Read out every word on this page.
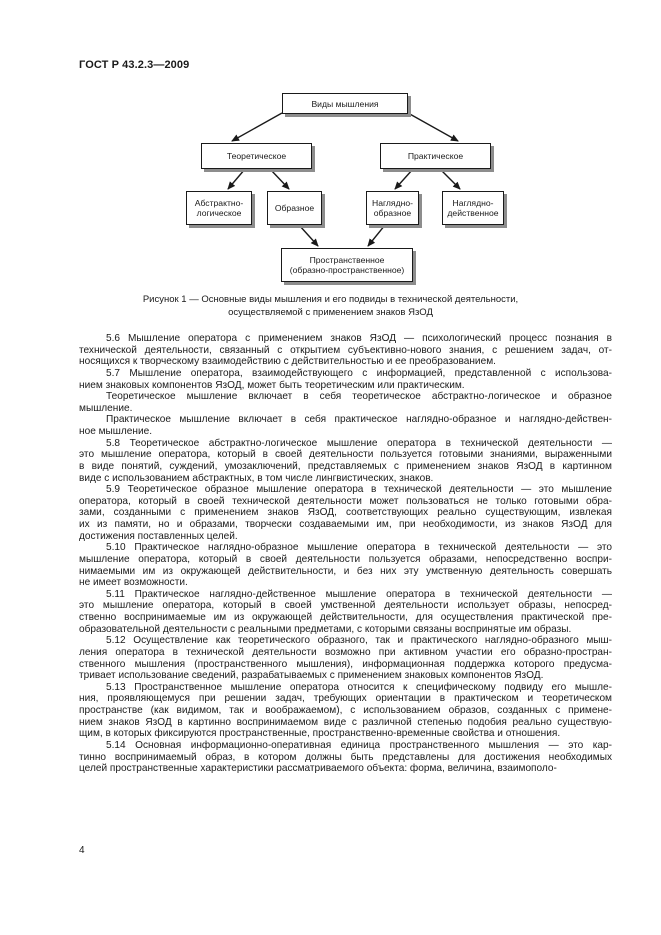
ГОСТ Р 43.2.3—2009
Виды мышления
Теоретическое	Практическое
Абстрактно-
логическое	Образное	Наглядно-
образное
Наглядно-
действенное
Пространственное
(образно-пространственное)
Рисунок 1 — Основные виды мышления и его подвиды в технической деятельности,
осуществляемой с применением знаков ЯзОД
5.6 Мышление оператора с применением знаков ЯзОД — психологический процесс познания в
технической деятельности, связанный с открытием субъективно-нового знания, с решением задач, от-
носящихся к творческому взаимодействию с действительностью и ее преобразованием.
5.7 Мышление оператора, взаимодействующего с информацией, представленной с использова-
нием знаковых компонентов ЯзОД, может быть теоретическим или практическим.
Теоретическое мышление включает в себя теоретическое абстрактно-логическое и образное
мышление.
Практическое мышление включает в себя практическое наглядно-образное и наглядно-действен-
ное мышление.
5.8 Теоретическое абстрактно-логическое мышление оператора в технической деятельности —
это мышление оператора, который в своей деятельности пользуется готовыми знаниями, выраженными
в виде понятий, суждений, умозаключений, представляемых с применением знаков ЯзОД в картинном
виде с использованием абстрактных, в том числе лингвистических, знаков.
5.9 Теоретическое образное мышление оператора в технической деятельности — это мышление
оператора, который в своей технической деятельности может пользоваться не только готовыми обра-
зами, созданными с применением знаков ЯзОД, соответствующих реально существующим, извлекая
их из памяти, но и образами, творчески создаваемыми им, при необходимости, из знаков ЯзОД для
достижения поставленных целей.
5.10 Практическое наглядно-образное мышление оператора в технической деятельности — это
мышление оператора, который в своей деятельности пользуется образами, непосредственно воспри-
нимаемыми им из окружающей действительности, и без них эту умственную деятельность совершать
не имеет возможности.
5.11 Практическое наглядно-действенное мышление оператора в технической деятельности —
это мышление оператора, который в своей умственной деятельности использует образы, непосред-
ственно воспринимаемые им из окружающей действительности, для осуществления практической пре-
образовательной деятельности с реальными предметами, с которыми связаны воспринятые им образы.
5.12 Осуществление как теоретического образного, так и практического наглядно-образного мыш-
ления оператора в технической деятельности возможно при активном участии его образно-простран-
ственного мышления (пространственного мышления), информационная поддержка которого предусма-
тривает использование сведений, разрабатываемых с применением знаковых компонентов ЯзОД.
5.13 Пространственное мышление оператора относится к специфическому подвиду его мышле-
ния, проявляющемуся при решении задач, требующих ориентации в практическом и теоретическом
пространстве (как видимом, так и воображаемом), с использованием образов, созданных с примене-
нием знаков ЯзОД в картинно воспринимаемом виде с различной степенью подобия реально существую-
щим, в которых фиксируются пространственные, пространственно-временные свойства и отношения.
5.14 Основная информационно-оперативная единица пространственного мышления — это кар-
тинно воспринимаемый образ, в котором должны быть представлены для достижения необходимых
целей пространственные характеристики рассматриваемого объекта: форма, величина, взаимополо-
4
